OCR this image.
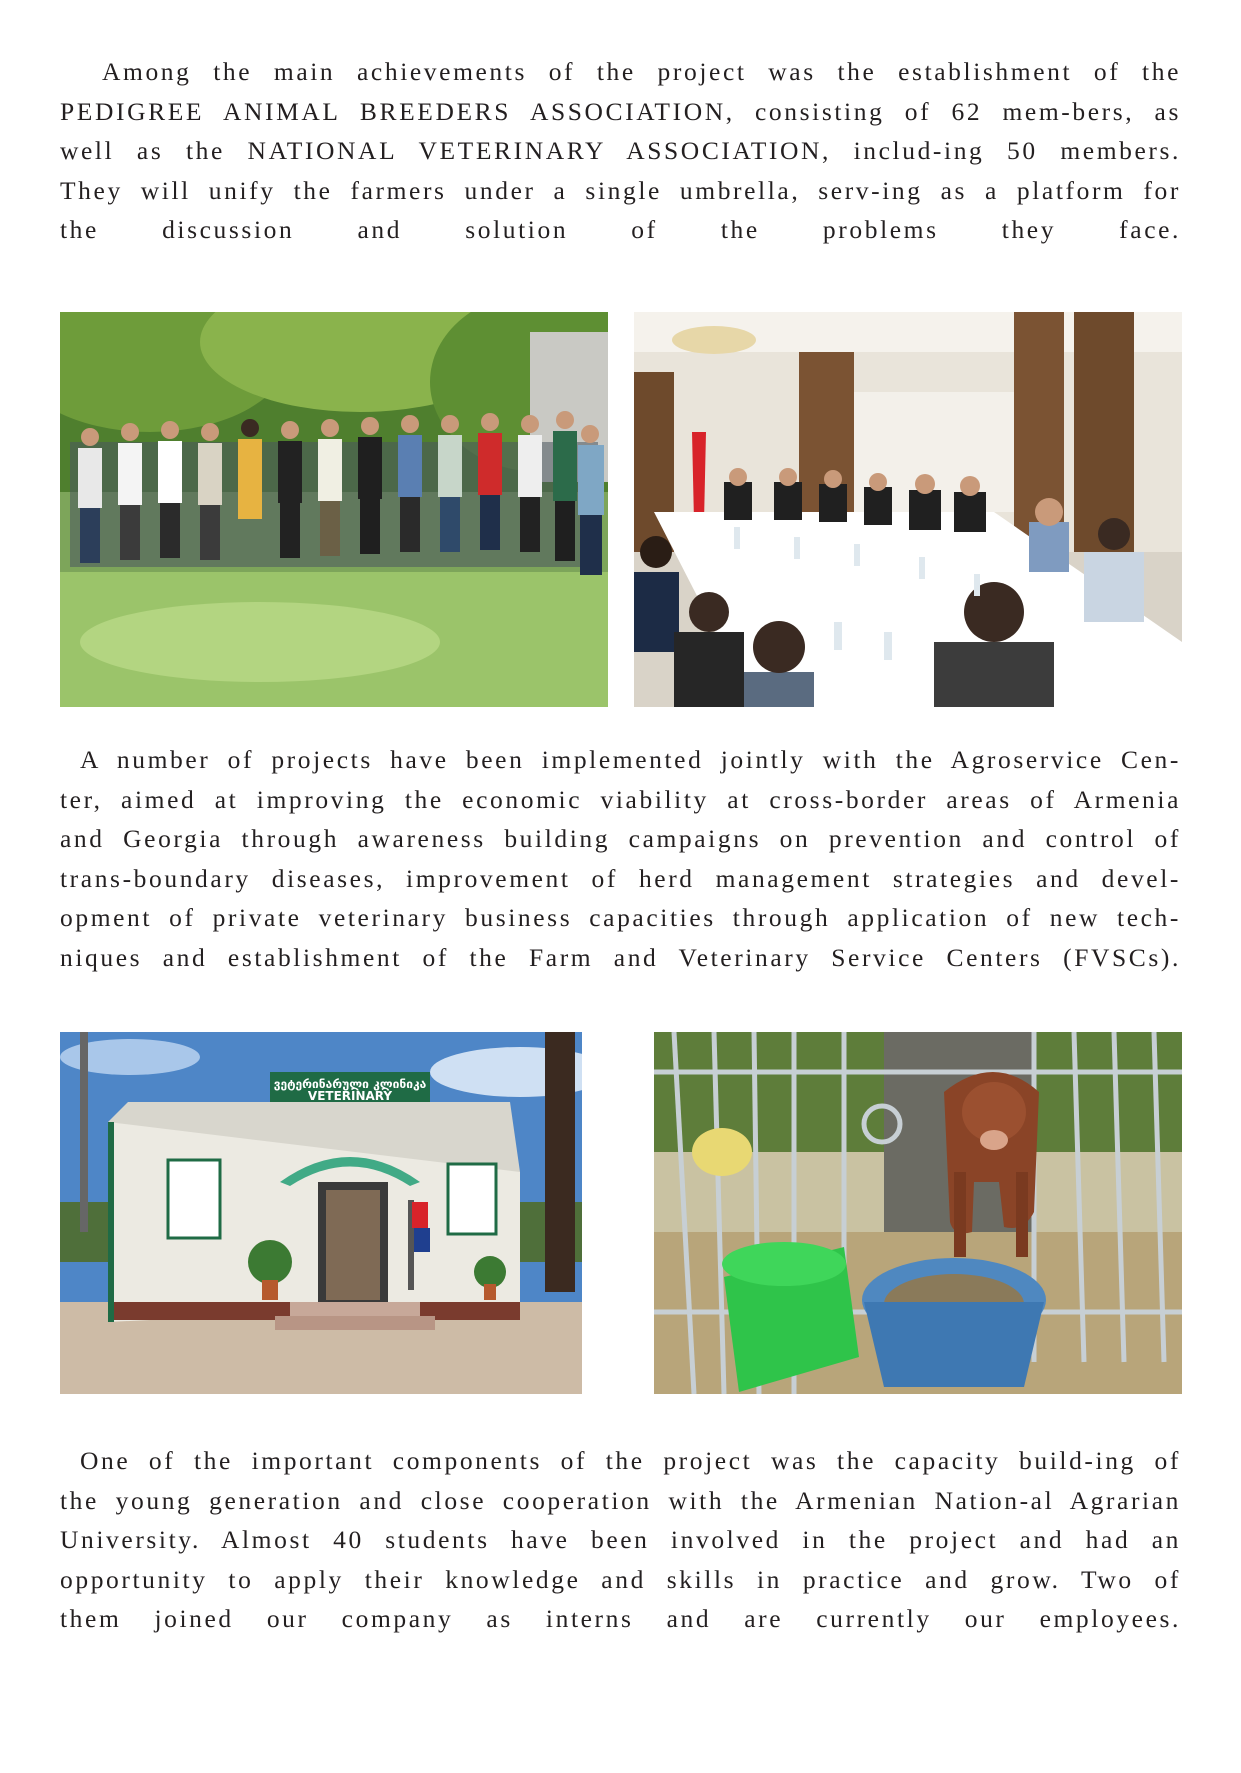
Among the main achievements of the project was the establishment of the PEDIGREE ANIMAL BREEDERS ASSOCIATION, consisting of 62 mem-bers, as well as the NATIONAL VETERINARY ASSOCIATION, includ-ing 50 members. They will unify the farmers under a single umbrella, serv-ing as a platform for the discussion and solution of the problems they face.

A number of projects have been implemented jointly with the Agroservice Cen-ter, aimed at improving the economic viability at cross-border areas of Armenia and Georgia through awareness building campaigns on prevention and control of trans-boundary diseases, improvement of herd management strategies and devel-opment of private veterinary business capacities through application of new tech-niques and establishment of the Farm and Veterinary Service Centers (FVSCs).

ვეტერინარული კლინიკა
VETERINARY

One of the important components of the project was the capacity build-ing of the young generation and close cooperation with the Armenian Nation-al Agrarian University. Almost 40 students have been involved in the project and had an opportunity to apply their knowledge and skills in practice and grow. Two of them joined our company as interns and are currently our employees.
